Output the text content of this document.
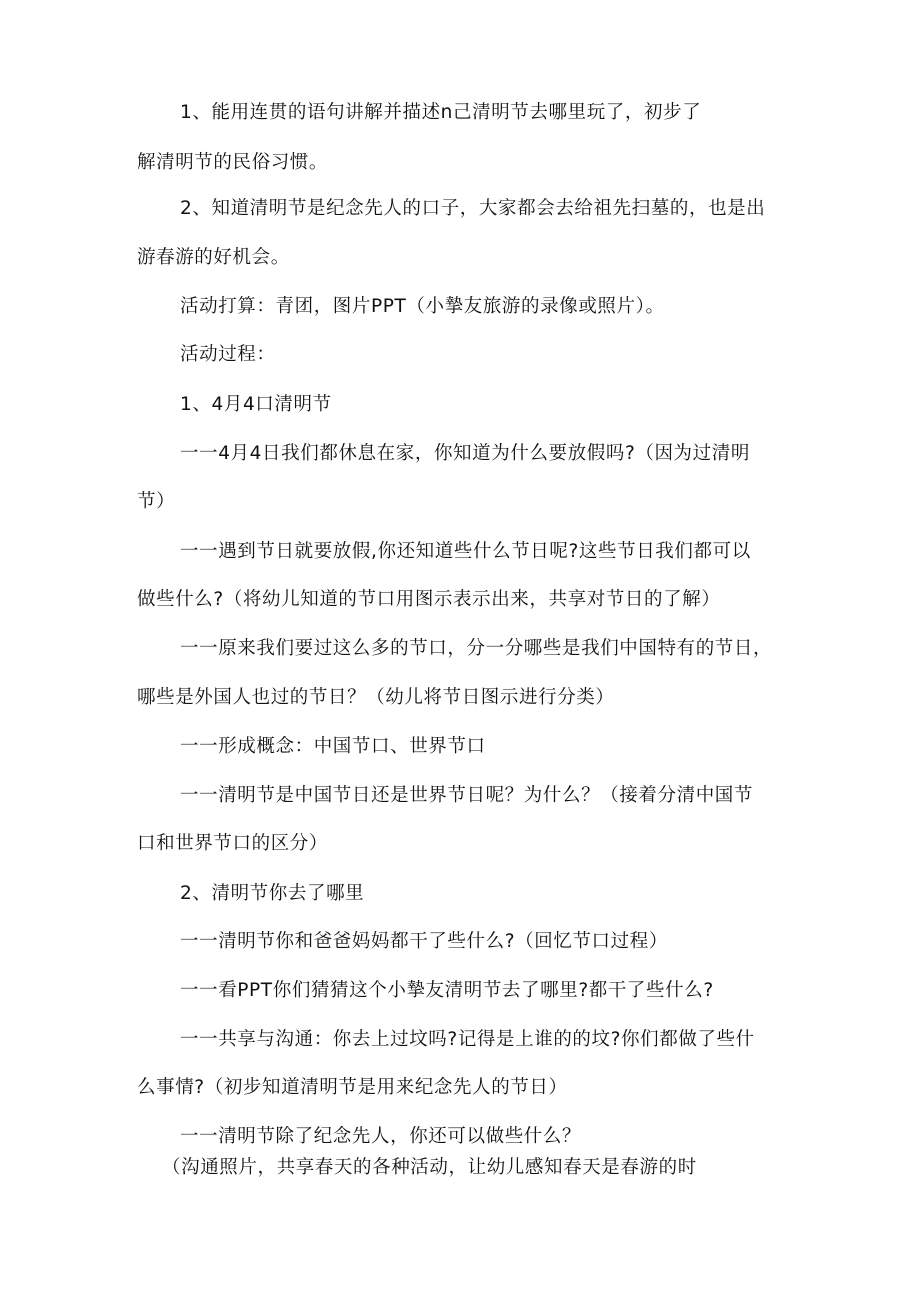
1、能用连贯的语句讲解并描述n己清明节去哪里玩了，初步了
解清明节的民俗习惯。
2、知道清明节是纪念先人的口子，大家都会去给祖先扫墓的，也是出
游春游的好机会。
活动打算：青团，图片PPT（小摯友旅游的录像或照片）。
活动过程：
1、4月4口清明节
一一4月4日我们都休息在家，你知道为什么要放假吗?（因为过清明
节）
一一遇到节日就要放假,你还知道些什么节日呢?这些节日我们都可以
做些什么?（将幼儿知道的节口用图示表示出来，共享对节日的了解）
一一原来我们要过这么多的节口，分一分哪些是我们中国特有的节日，
哪些是外国人也过的节日？（幼儿将节日图示进行分类）
一一形成概念：中国节口、世界节口
一一清明节是中国节日还是世界节日呢？为什么？（接着分清中国节
口和世界节口的区分）
2、清明节你去了哪里
一一清明节你和爸爸妈妈都干了些什么?（回忆节口过程）
一一看PPT你们猜猜这个小摯友清明节去了哪里?都干了些什么?
一一共享与沟通：你去上过坟吗?记得是上谁的的坟?你们都做了些什
么事情?（初步知道清明节是用来纪念先人的节日）
一一清明节除了纪念先人，你还可以做些什么？
（沟通照片，共享春天的各种活动，让幼儿感知春天是春游的时
